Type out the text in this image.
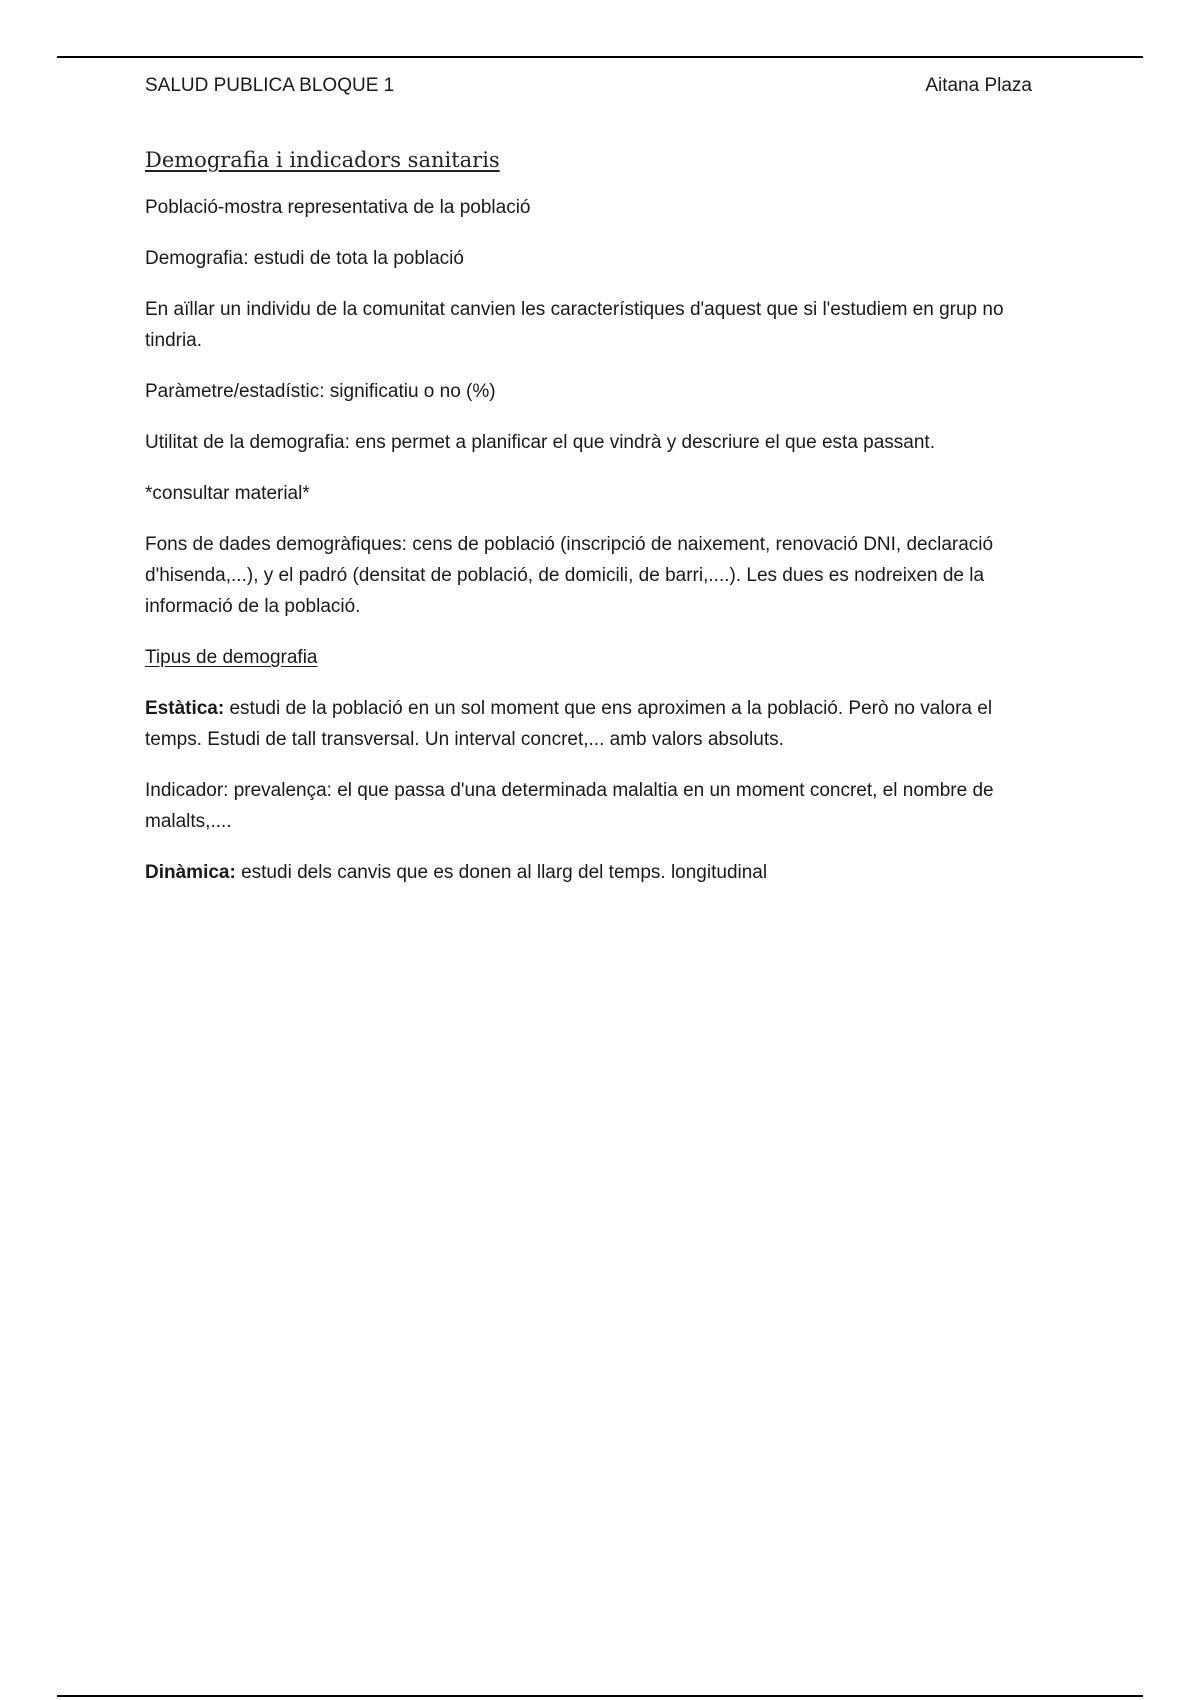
SALUD PUBLICA BLOQUE 1	Aitana Plaza
Demografia i indicadors sanitaris

Població-mostra representativa de la població

Demografia: estudi de tota la població

En aïllar un individu de la comunitat canvien les característiques d'aquest que si l'estudiem en grup no tindria.

Paràmetre/estadístic: significatiu o no (%)

Utilitat de la demografia: ens permet a planificar el que vindrà y descriure el que esta passant.

*consultar material*

Fons de dades demogràfiques: cens de població (inscripció de naixement, renovació DNI, declaració d'hisenda,...), y el padró (densitat de població, de domicili, de barri,....). Les dues es nodreixen de la informació de la població.

Tipus de demografia

Estàtica: estudi de la població en un sol moment que ens aproximen a la població. Però no valora el temps. Estudi de tall transversal. Un interval concret,... amb valors absoluts.

Indicador: prevalença: el que passa d'una determinada malaltia en un moment concret, el nombre de malalts,....

Dinàmica: estudi dels canvis que es donen al llarg del temps. longitudinal
